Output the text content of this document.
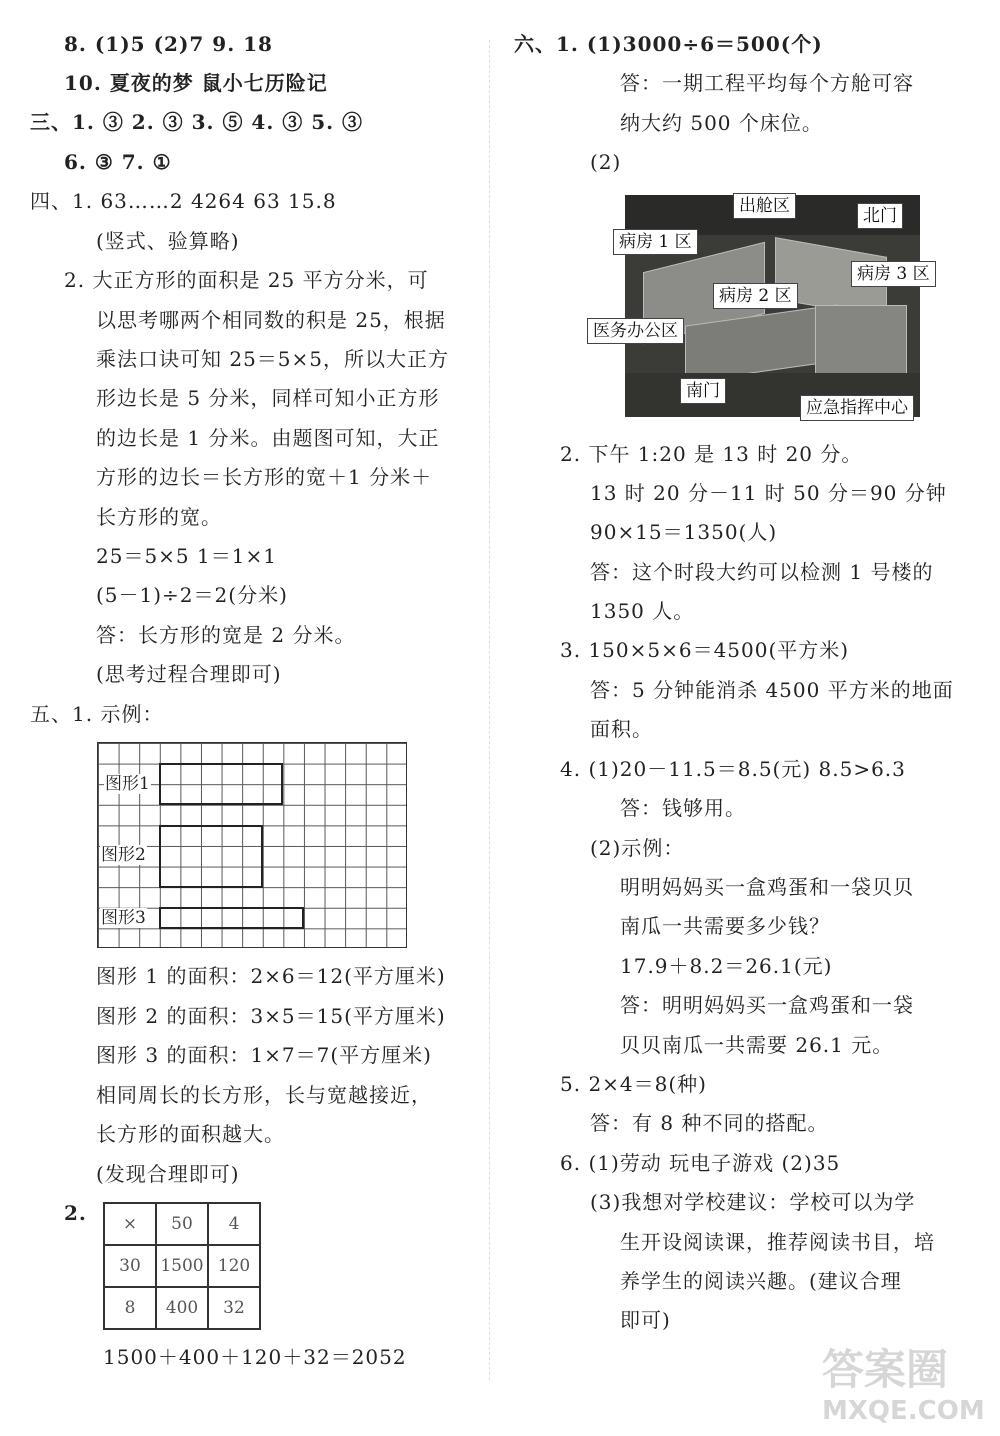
8. (1)5 (2)7 9. 18
10. 夏夜的梦 鼠小七历险记
三、1. ③ 2. ③ 3. ⑤ 4. ③ 5. ③
6. ③ 7. ①
四、1. 63……2 4264 63 15.8
(竖式、验算略)
2. 大正方形的面积是 25 平方分米，可
以思考哪两个相同数的积是 25，根据
乘法口诀可知 25＝5×5，所以大正方
形边长是 5 分米，同样可知小正方形
的边长是 1 分米。由题图可知，大正
方形的边长＝长方形的宽＋1 分米＋
长方形的宽。
25＝5×5 1＝1×1
(5－1)÷2＝2(分米)
答：长方形的宽是 2 分米。
(思考过程合理即可)
五、1. 示例：
图形1
图形2
图形3
图形 1 的面积：2×6＝12(平方厘米)
图形 2 的面积：3×5＝15(平方厘米)
图形 3 的面积：1×7＝7(平方厘米)
相同周长的长方形，长与宽越接近，
长方形的面积越大。
(发现合理即可)
2. ×	50	4
30	1500	120
8	400	32
1500＋400＋120＋32＝2052
六、1. (1)3000÷6＝500(个)
答：一期工程平均每个方舱可容
纳大约 500 个床位。
(2)
出舱区	北门
病房 1 区
病房 3 区
病房 2 区
医务办公区
南门
应急指挥中心
2. 下午 1:20 是 13 时 20 分。
13 时 20 分－11 时 50 分＝90 分钟
90×15＝1350(人)
答：这个时段大约可以检测 1 号楼的
1350 人。
3. 150×5×6＝4500(平方米)
答：5 分钟能消杀 4500 平方米的地面
面积。
4. (1)20－11.5＝8.5(元) 8.5>6.3
答：钱够用。
(2)示例：
明明妈妈买一盒鸡蛋和一袋贝贝
南瓜一共需要多少钱？
17.9＋8.2＝26.1(元)
答：明明妈妈买一盒鸡蛋和一袋
贝贝南瓜一共需要 26.1 元。
5. 2×4＝8(种)
答：有 8 种不同的搭配。
6. (1)劳动 玩电子游戏 (2)35
(3)我想对学校建议：学校可以为学
生开设阅读课，推荐阅读书目，培
养学生的阅读兴趣。(建议合理
即可)
答案圈
MXQE.COM
